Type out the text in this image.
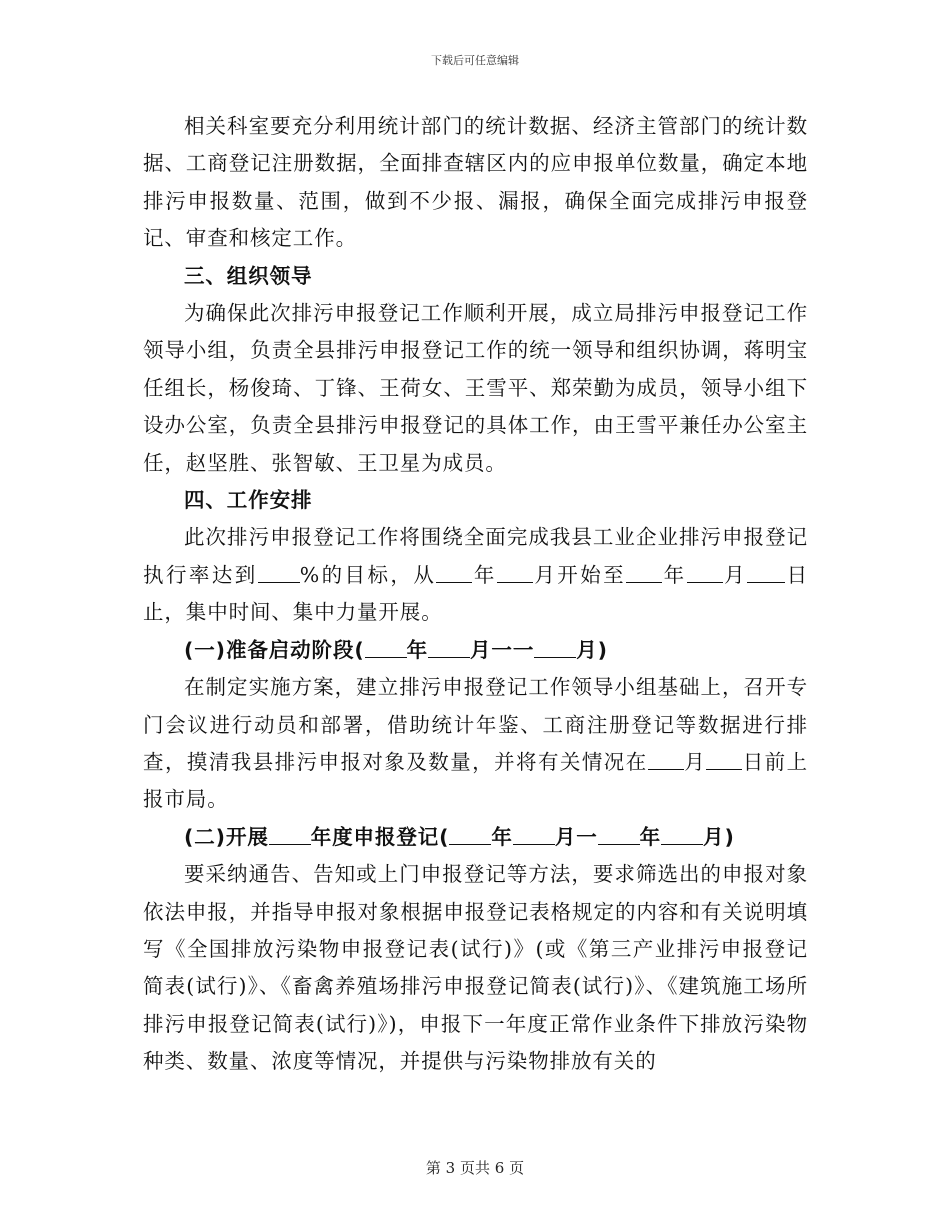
下载后可任意编辑

相关科室要充分利用统计部门的统计数据、经济主管部门的统计数据、工商登记注册数据，全面排查辖区内的应申报单位数量，确定本地排污申报数量、范围，做到不少报、漏报，确保全面完成排污申报登记、审查和核定工作。

三、组织领导

为确保此次排污申报登记工作顺利开展，成立局排污申报登记工作领导小组，负责全县排污申报登记工作的统一领导和组织协调，蒋明宝任组长，杨俊琦、丁锋、王荷女、王雪平、郑荣勤为成员，领导小组下设办公室，负责全县排污申报登记的具体工作，由王雪平兼任办公室主任，赵坚胜、张智敏、王卫星为成员。

四、工作安排

此次排污申报登记工作将围绕全面完成我县工业企业排污申报登记执行率达到 %的目标，从 年 月开始至 年 月 日止，集中时间、集中力量开展。

(一)准备启动阶段( 年 月一一 月)

在制定实施方案，建立排污申报登记工作领导小组基础上，召开专门会议进行动员和部署，借助统计年鉴、工商注册登记等数据进行排查，摸清我县排污申报对象及数量，并将有关情况在 月 日前上报市局。

(二)开展 年度申报登记( 年 月一 年 月)

要采纳通告、告知或上门申报登记等方法，要求筛选出的申报对象依法申报，并指导申报对象根据申报登记表格规定的内容和有关说明填写《全国排放污染物申报登记表(试行)》(或《第三产业排污申报登记简表(试行)》、《畜禽养殖场排污申报登记简表(试行)》、《建筑施工场所排污申报登记简表(试行)》)，申报下一年度正常作业条件下排放污染物种类、数量、浓度等情况，并提供与污染物排放有关的

第 3 页共 6 页
